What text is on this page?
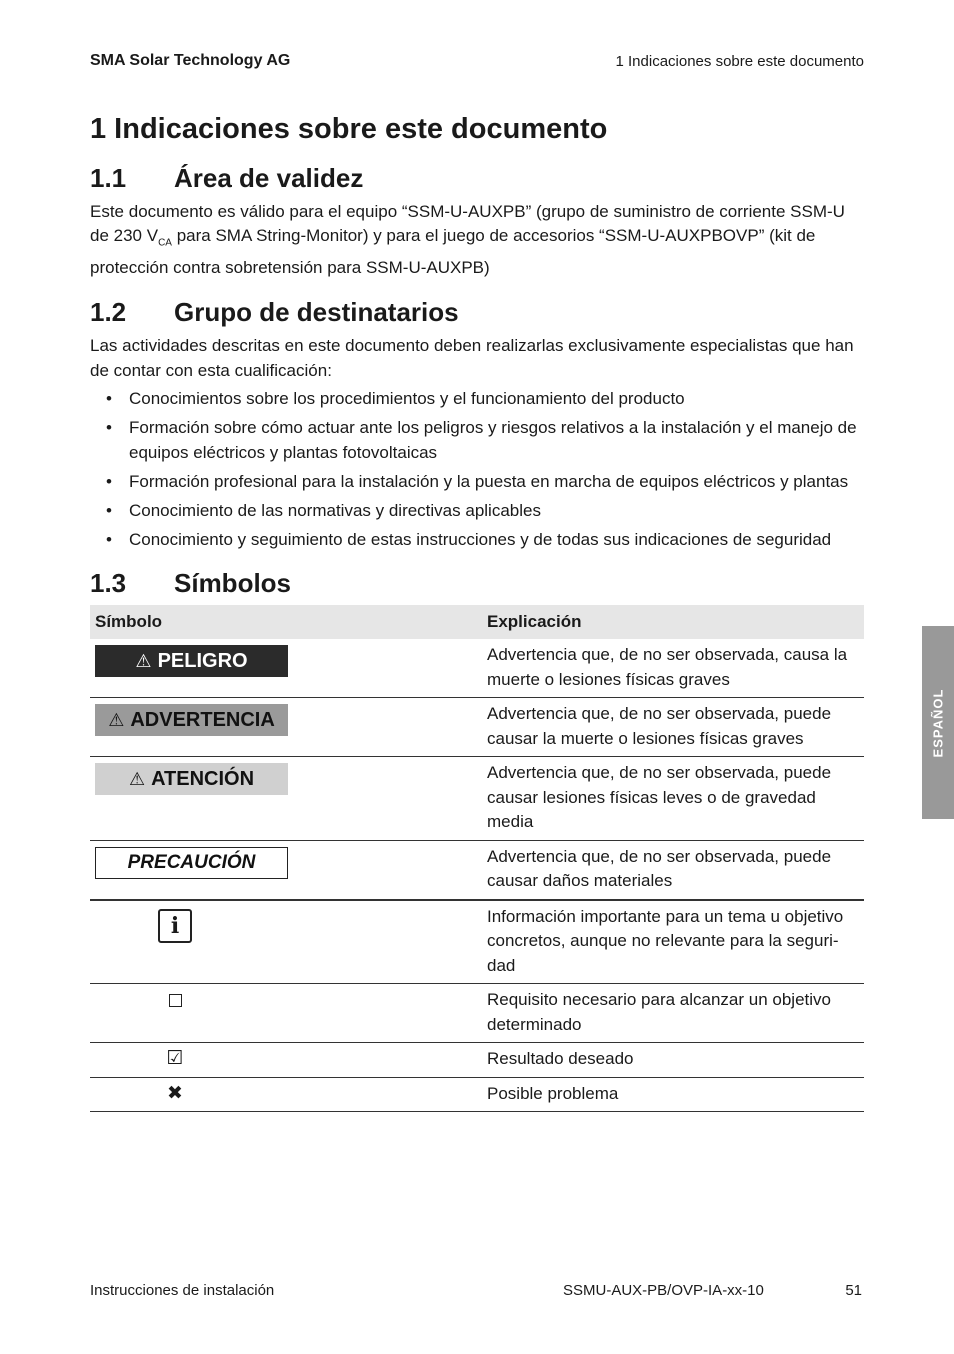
SMA Solar Technology AG	1 Indicaciones sobre este documento
1 Indicaciones sobre este documento
1.1 Área de validez

Este documento es válido para el equipo “SSM-U-AUXPB” (grupo de suministro de corriente SSM-U de 230 $V_{CA}$ para SMA String-Monitor) y para el juego de accesorios “SSM-U-AUXPBOVP” (kit de protección contra sobretensión para SSM-U-AUXPB)

1.2 Grupo de destinatarios

Las actividades descritas en este documento deben realizarlas exclusivamente especialistas que han de contar con esta cualificación:

• Conocimientos sobre los procedimientos y el funcionamiento del producto
• Formación sobre cómo actuar ante los peligros y riesgos relativos a la instalación y el manejo de equipos eléctricos y plantas fotovoltaicas
• Formación profesional para la instalación y la puesta en marcha de equipos eléctricos y plantas
• Conocimiento de las normativas y directivas aplicables
• Conocimiento y seguimiento de estas instrucciones y de todas sus indicaciones de seguridad
1.3 Símbolos
Símbolo	Explicación

⚠ PELIGRO	Advertencia que, de no ser observada, causa la muerte o lesiones físicas graves

⚠ ADVERTENCIA	Advertencia que, de no ser observada, puede causar la muerte o lesiones físicas graves

⚠ ATENCIÓN	Advertencia que, de no ser observada, puede causar lesiones físicas leves o de gravedad media

PRECAUCIÓN	Advertencia que, de no ser observada, puede causar daños materiales

i	Información importante para un tema u objetivo concretos, aunque no relevante para la seguri-dad

	Requisito necesario para alcanzar un objetivo determinado

☑	Resultado deseado

✖	Posible problema
ESPAÑOL
Instrucciones de instalación	SSMU-AUX-PB/OVP-IA-xx-10	51
